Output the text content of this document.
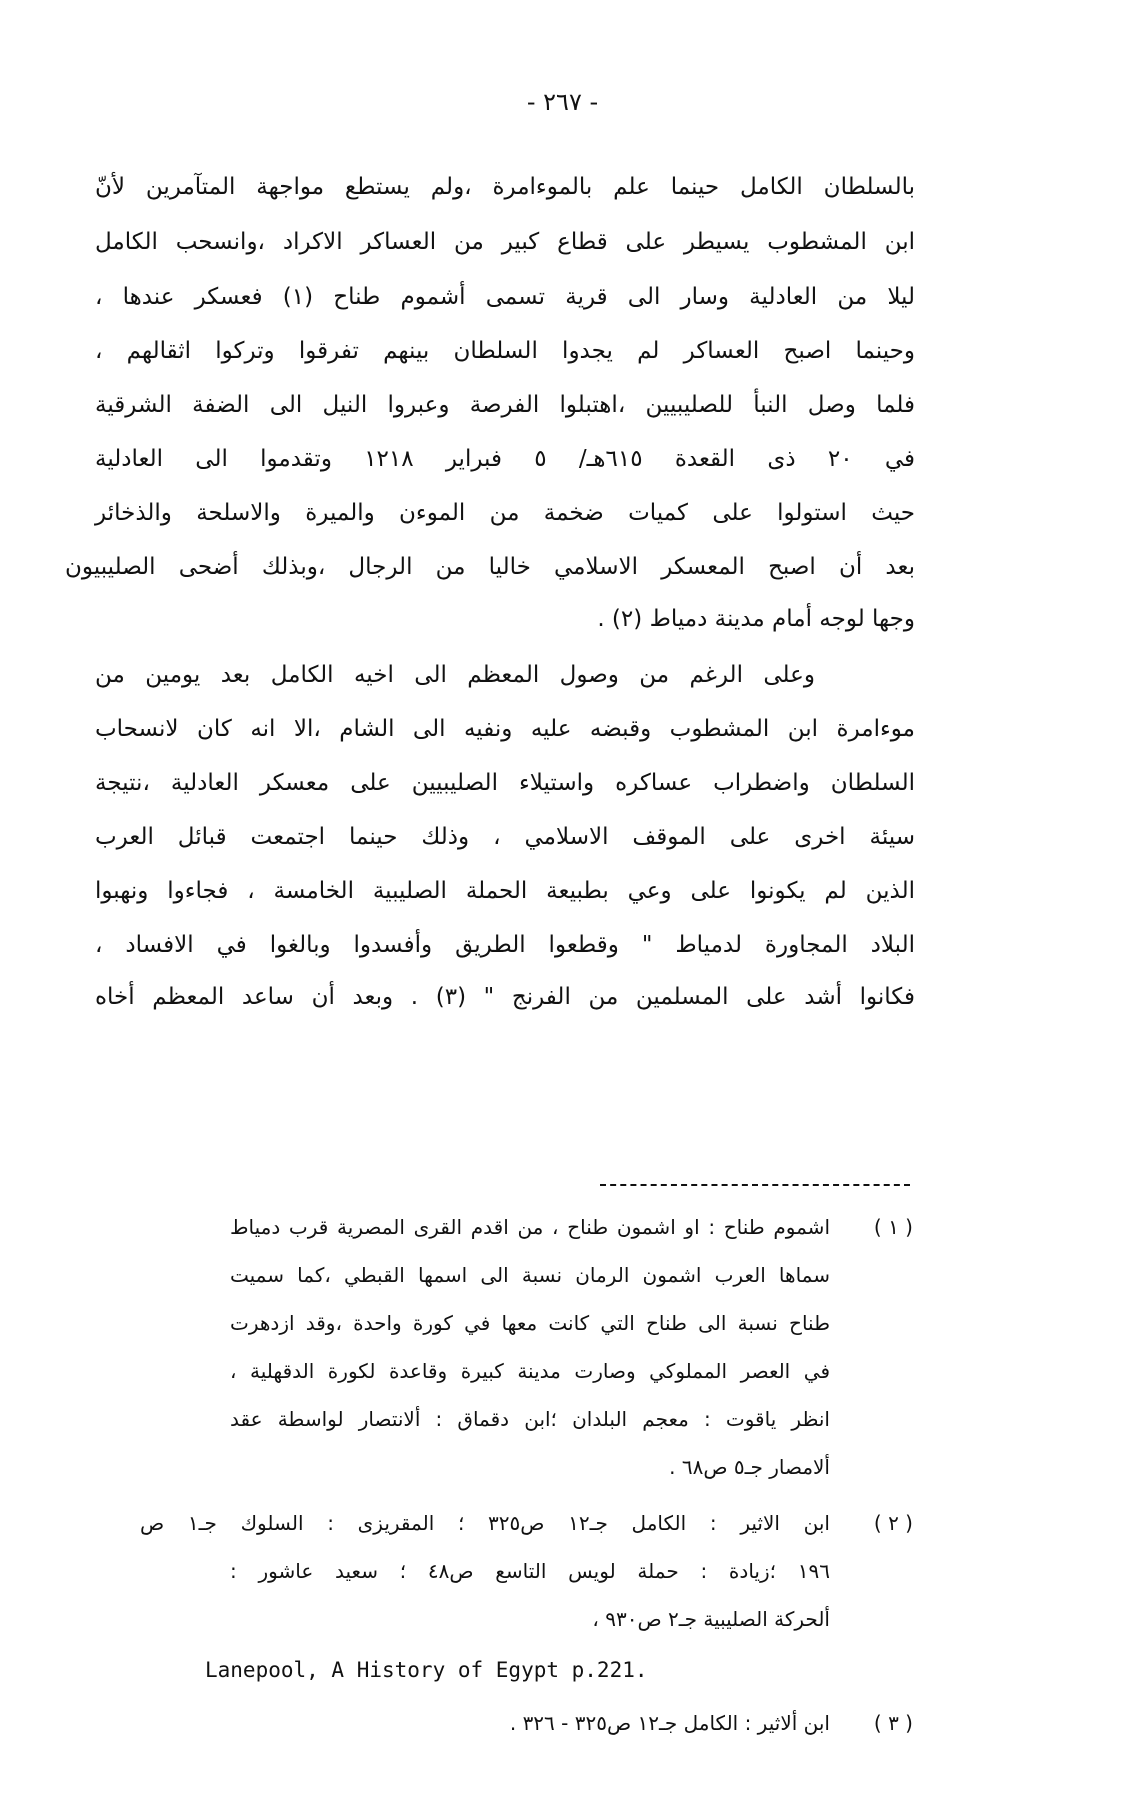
- ٢٦٧ -
بالسلطان الكامل حينما علم بالموءامرة ،ولم يستطع مواجهة المتآمرين لأنّ
ابن المشطوب يسيطر على قطاع كبير من العساكر الاكراد ،وانسحب الكامل
ليلا من العادلية وسار الى قرية تسمى أشموم طناح (١) فعسكر عندها ،
وحينما اصبح العساكر لم يجدوا السلطان بينهم تفرقوا وتركوا اثقالهم ،
فلما وصل النبأ للصليبيين ،اهتبلوا الفرصة وعبروا النيل الى الضفة الشرقية
في ٢٠ ذى القعدة ٦١٥هـ/ ٥ فبراير ١٢١٨ وتقدموا الى العادلية
حيث استولوا على كميات ضخمة من الموءن والميرة والاسلحة والذخائر
بعد أن اصبح المعسكر الاسلامي خاليا من الرجال ،وبذلك أضحى الصليبيون
وجها لوجه أمام مدينة دمياط (٢) .
وعلى الرغم من وصول المعظم الى اخيه الكامل بعد يومين من
موءامرة ابن المشطوب وقبضه عليه ونفيه الى الشام ،الا انه كان لانسحاب
السلطان واضطراب عساكره واستيلاء الصليبيين على معسكر العادلية ،نتيجة
سيئة اخرى على الموقف الاسلامي ، وذلك حينما اجتمعت قبائل العرب
الذين لم يكونوا على وعي بطبيعة الحملة الصليبية الخامسة ، فجاءوا ونهبوا
البلاد المجاورة لدمياط " وقطعوا الطريق وأفسدوا وبالغوا في الافساد ،
فكانوا أشد على المسلمين من الفرنج " (٣) . وبعد أن ساعد المعظم أخاه
( ١ )
اشموم طناح : او اشمون طناح ، من اقدم القرى المصرية قرب دمياط
سماها العرب اشمون الرمان نسبة الى اسمها القبطي ،كما سميت
طناح نسبة الى طناح التي كانت معها في كورة واحدة ،وقد ازدهرت
في العصر المملوكي وصارت مدينة كبيرة وقاعدة لكورة الدقهلية ،
انظر ياقوت : معجم البلدان ؛ابن دقماق : ألانتصار لواسطة عقد
ألامصار جـ٥ ص٦٨ .
( ٢ )
ابن الاثير : الكامل جـ١٢ ص٣٢٥ ؛ المقريزى : السلوك جـ١ ص
١٩٦ ؛زيادة : حملة لويس التاسع ص٤٨ ؛ سعيد عاشور :
ألحركة الصليبية جـ٢ ص٩٣٠ ،
Lanepool, A History of Egypt p.221.
( ٣ )
ابن ألاثير : الكامل جـ١٢ ص٣٢٥ - ٣٢٦ .
